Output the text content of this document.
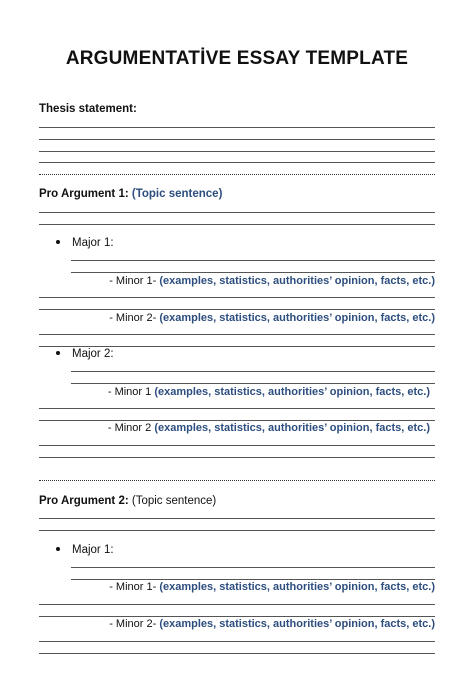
ARGUMENTATİVE ESSAY TEMPLATE
Thesis statement:
Pro Argument 1: (Topic sentence)
Major 1:
- Minor 1- (examples, statistics, authorities’ opinion, facts, etc.)
- Minor 2- (examples, statistics, authorities’ opinion, facts, etc.)
Major 2:
- Minor 1 (examples, statistics, authorities’ opinion, facts, etc.)
- Minor 2 (examples, statistics, authorities’ opinion, facts, etc.)
Pro Argument 2: (Topic sentence)
Major 1:
- Minor 1- (examples, statistics, authorities’ opinion, facts, etc.)
- Minor 2- (examples, statistics, authorities’ opinion, facts, etc.)
